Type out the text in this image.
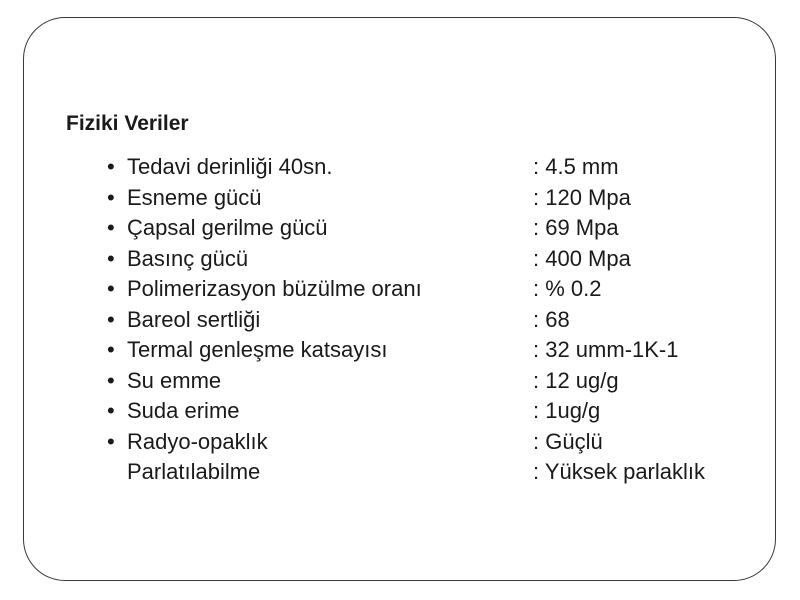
Fiziki Veriler
• Tedavi derinliği 40sn.	: 4.5 mm
• Esneme gücü	: 120 Mpa
• Çapsal gerilme gücü	: 69 Mpa
• Basınç gücü	: 400 Mpa
• Polimerizasyon büzülme oranı	: % 0.2
• Bareol sertliği	: 68
• Termal genleşme katsayısı	: 32 umm-1K-1
• Su emme	: 12 ug/g
• Suda erime	: 1ug/g
• Radyo-opaklık	: Güçlü
Parlatılabilme	: Yüksek parlaklık
